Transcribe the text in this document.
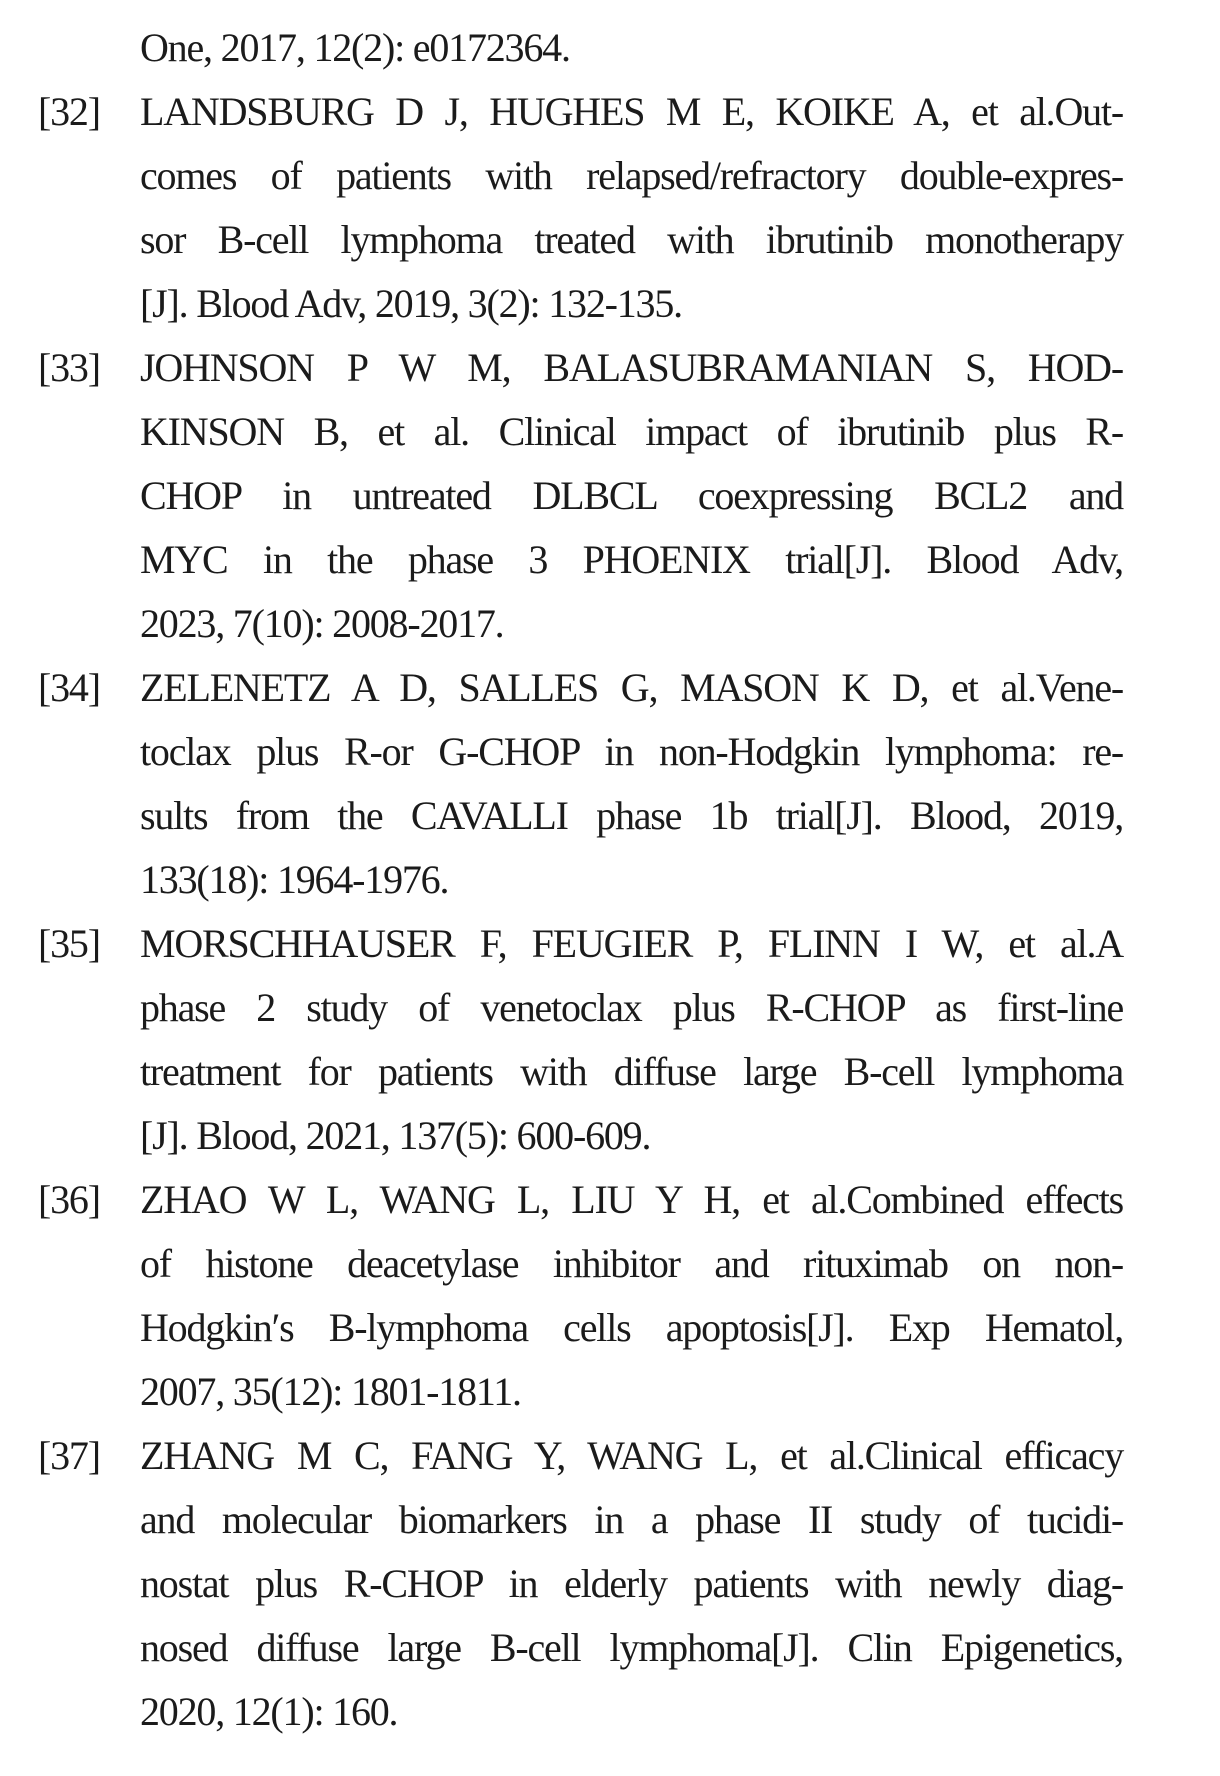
One, 2017, 12(2): e0172364.
[32]	LANDSBURG D J, HUGHES M E, KOIKE A, et al.Out-
comes of patients with relapsed/refractory double-expres-
sor B-cell lymphoma treated with ibrutinib monotherapy
[J]. Blood Adv, 2019, 3(2): 132-135.
[33]	JOHNSON P W M, BALASUBRAMANIAN S, HOD-
KINSON B, et al. Clinical impact of ibrutinib plus R-
CHOP in untreated DLBCL coexpressing BCL2 and
MYC in the phase 3 PHOENIX trial[J]. Blood Adv,
2023, 7(10): 2008-2017.
[34]	ZELENETZ A D, SALLES G, MASON K D, et al.Vene-
toclax plus R-or G-CHOP in non-Hodgkin lymphoma: re-
sults from the CAVALLI phase 1b trial[J]. Blood, 2019,
133(18): 1964-1976.
[35]	MORSCHHAUSER F, FEUGIER P, FLINN I W, et al.A
phase 2 study of venetoclax plus R-CHOP as first-line
treatment for patients with diffuse large B-cell lymphoma
[J]. Blood, 2021, 137(5): 600-609.
[36]	ZHAO W L, WANG L, LIU Y H, et al.Combined effects
of histone deacetylase inhibitor and rituximab on non-
Hodgkin′s B-lymphoma cells apoptosis[J]. Exp Hematol,
2007, 35(12): 1801-1811.
[37]	ZHANG M C, FANG Y, WANG L, et al.Clinical efficacy
and molecular biomarkers in a phase II study of tucidi-
nostat plus R-CHOP in elderly patients with newly diag-
nosed diffuse large B-cell lymphoma[J]. Clin Epigenetics,
2020, 12(1): 160.
